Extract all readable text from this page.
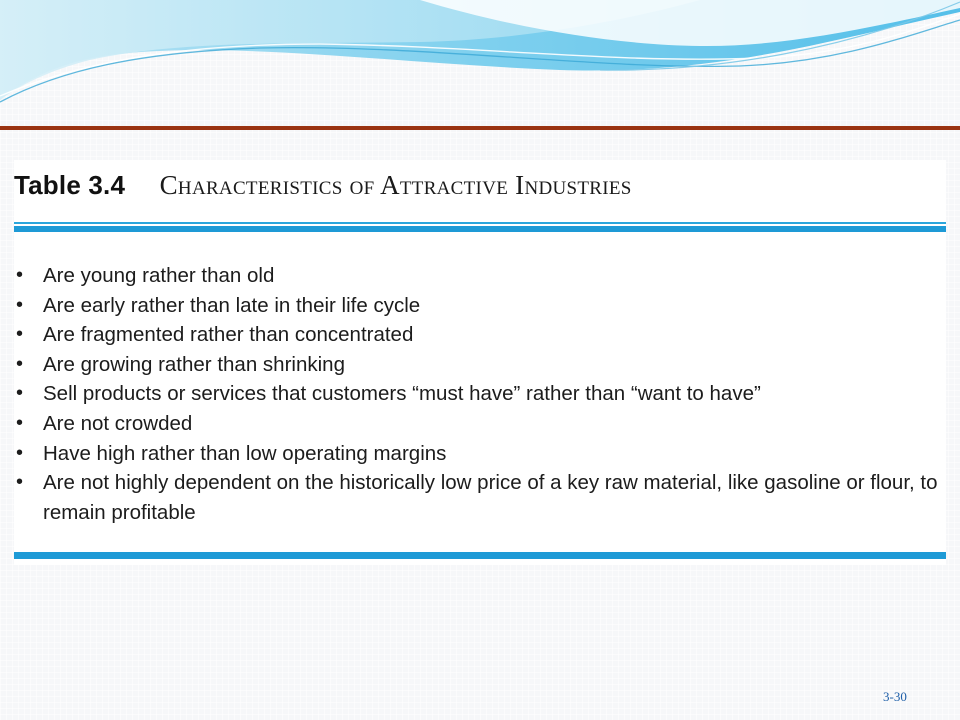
Table 3.4 Characteristics of Attractive Industries
• Are young rather than old
• Are early rather than late in their life cycle
• Are fragmented rather than concentrated
• Are growing rather than shrinking
• Sell products or services that customers “must have” rather than “want to have”
• Are not crowded
• Have high rather than low operating margins
• Are not highly dependent on the historically low price of a key raw material, like gasoline or flour, to remain profitable
3-30
